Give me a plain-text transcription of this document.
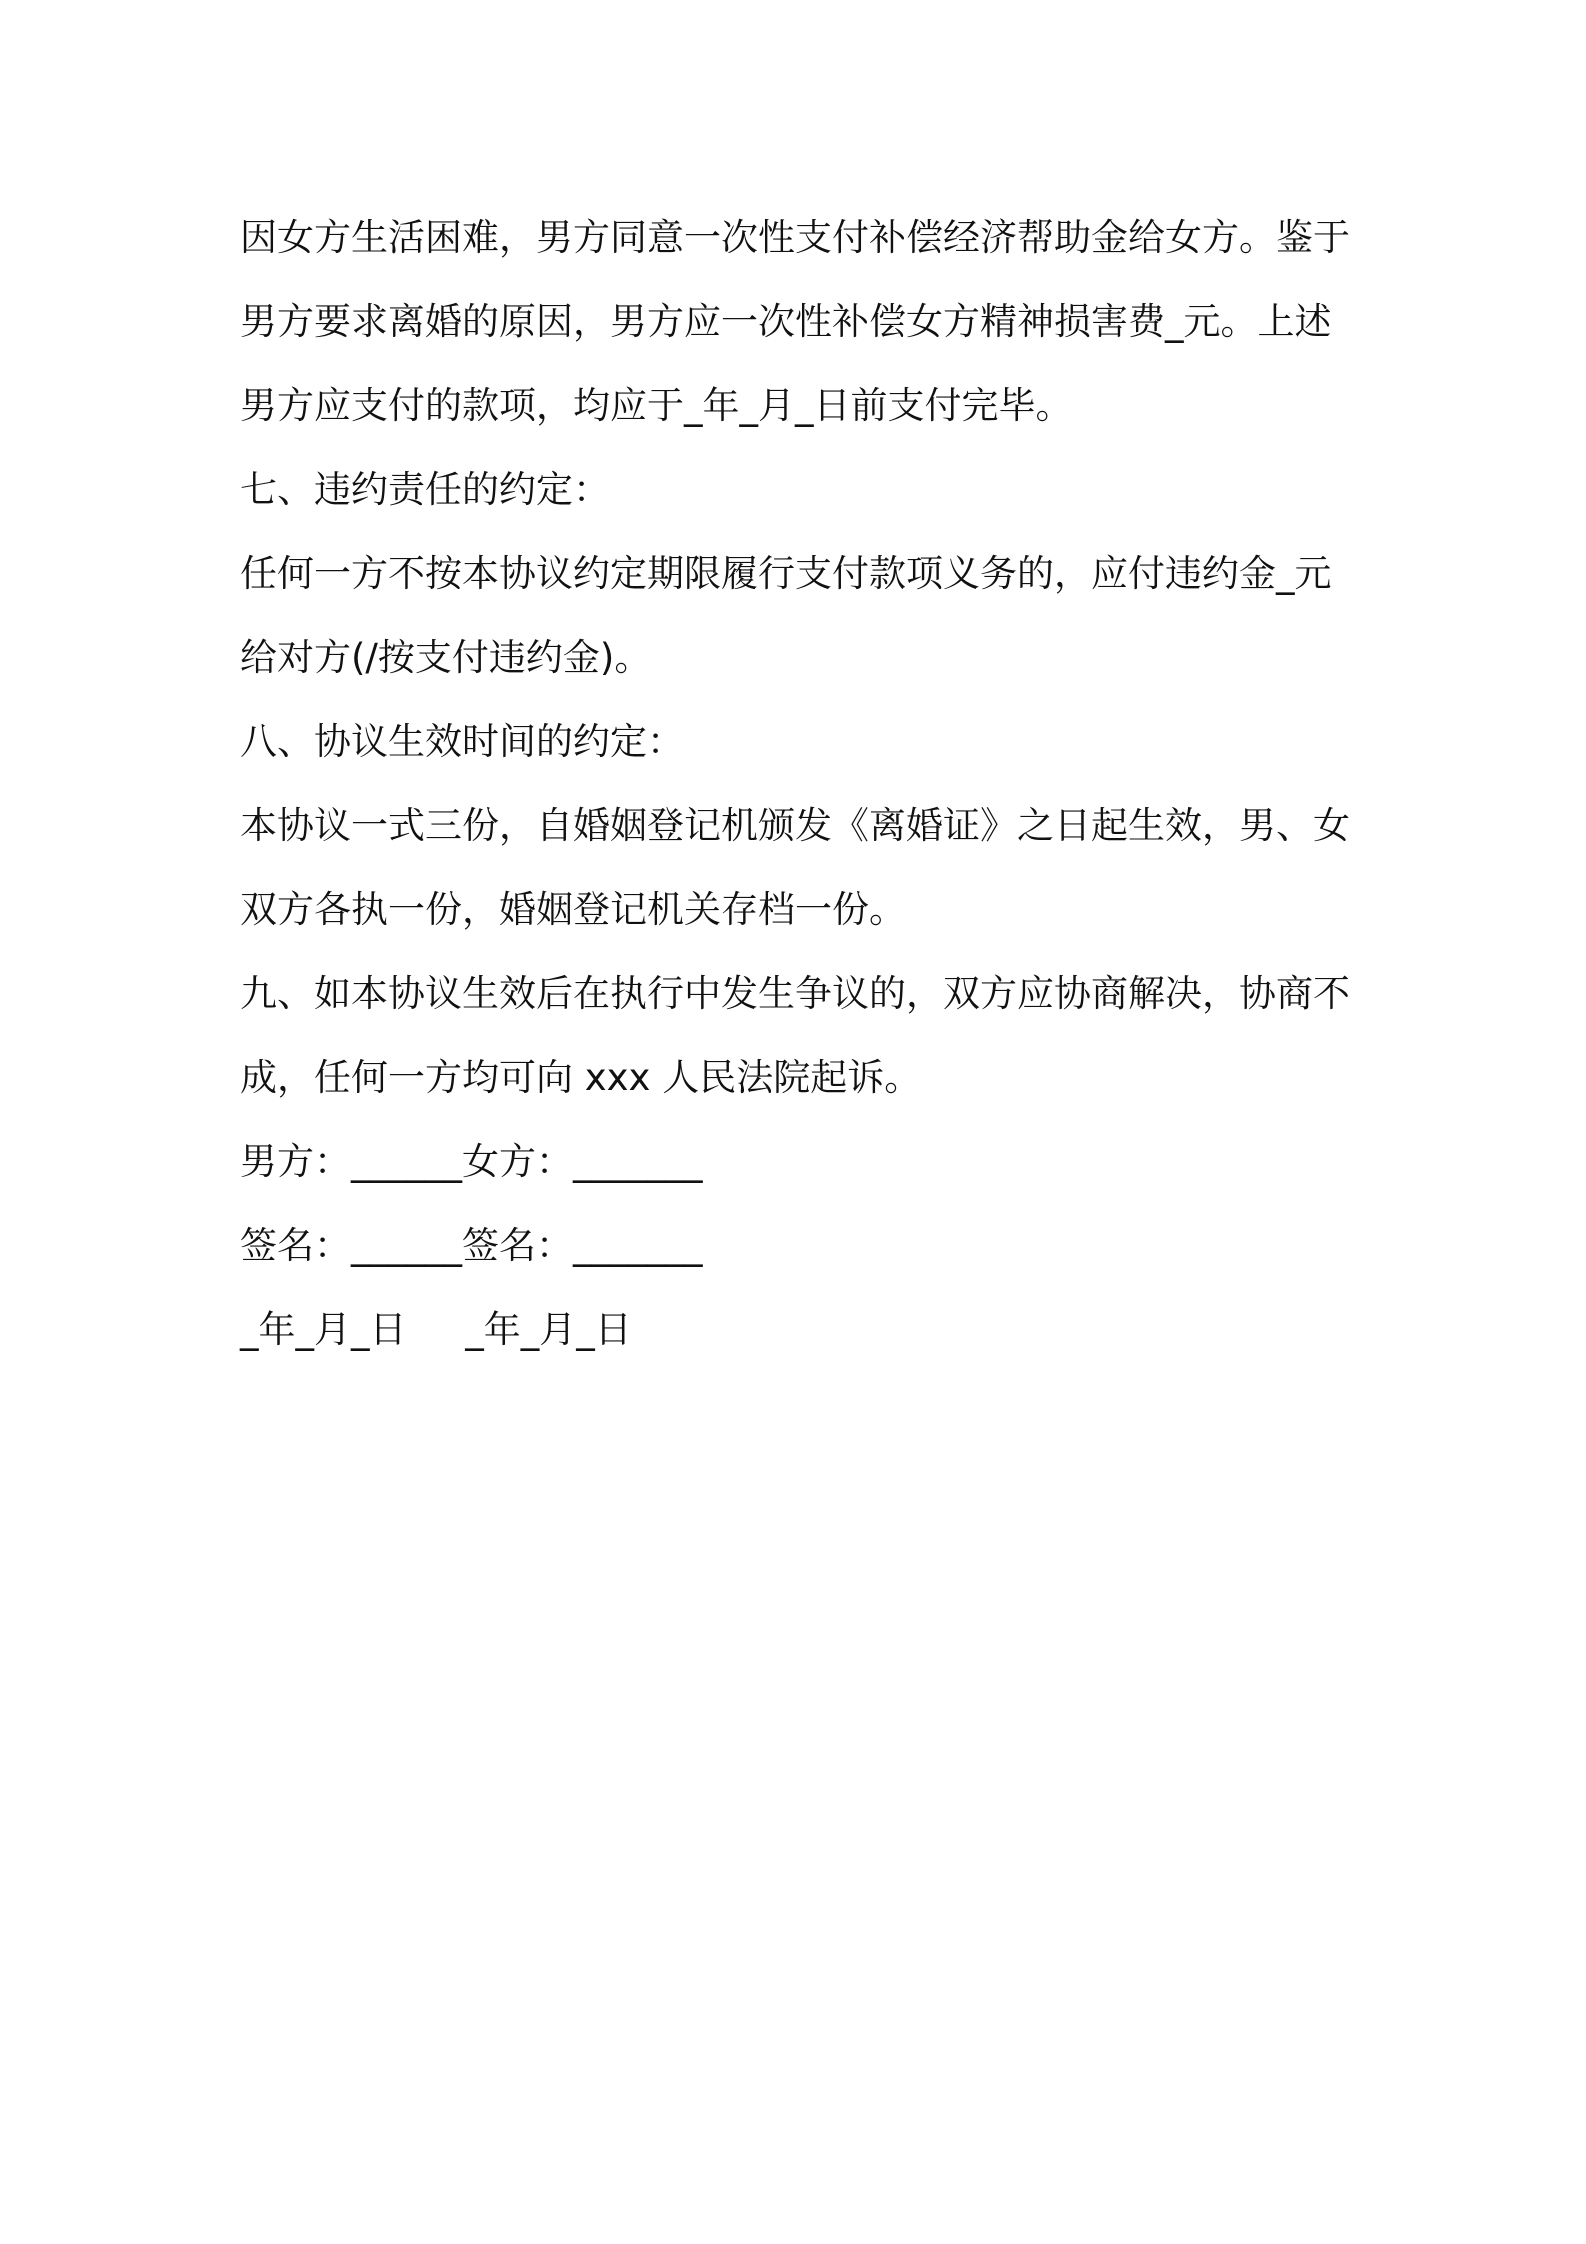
因女方生活困难，男方同意一次性支付补偿经济帮助金给女方。鉴于
男方要求离婚的原因，男方应一次性补偿女方精神损害费_元。上述
男方应支付的款项，均应于_年_月_日前支付完毕。
七、违约责任的约定：
任何一方不按本协议约定期限履行支付款项义务的，应付违约金_元
给对方(/按支付违约金)。
八、协议生效时间的约定：
本协议一式三份，自婚姻登记机颁发《离婚证》之日起生效，男、女
双方各执一份，婚姻登记机关存档一份。
九、如本协议生效后在执行中发生争议的，双方应协商解决，协商不
成，任何一方均可向 xxx 人民法院起诉。
男方：______女方：_______
签名：______签名：_______
_年_月_日     _年_月_日
